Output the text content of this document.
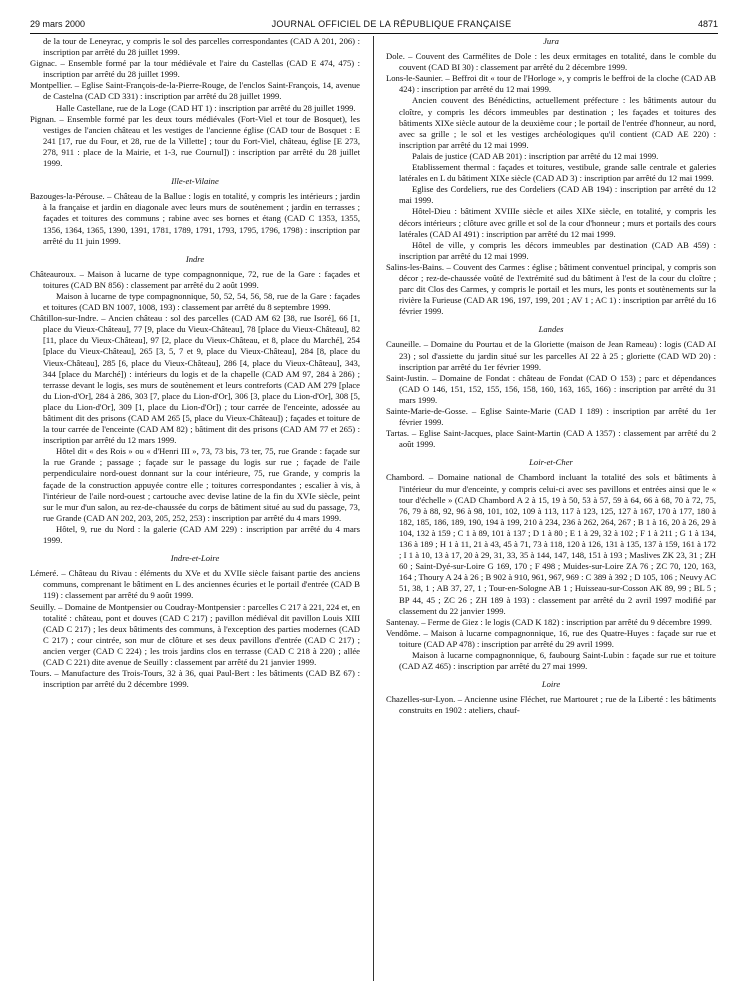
29 mars 2000	JOURNAL OFFICIEL DE LA RÉPUBLIQUE FRANÇAISE	4871

de la tour de Leneyrac, y compris le sol des parcelles correspondantes (CAD A 201, 206) : inscription par arrêté du 28 juillet 1999.

Gignac. – Ensemble formé par la tour médiévale et l'aire du Castellas (CAD E 474, 475) : inscription par arrêté du 28 juillet 1999.

Montpellier. – Eglise Saint-François-de-la-Pierre-Rouge, de l'enclos Saint-François, 14, avenue de Castelna (CAD CD 331) : inscription par arrêté du 28 juillet 1999.

Halle Castellane, rue de la Loge (CAD HT 1) : inscription par arrêté du 28 juillet 1999.

Pignan. – Ensemble formé par les deux tours médiévales (Fort-Viel et tour de Bosquet), les vestiges de l'ancien château et les vestiges de l'ancienne église (CAD tour de Bosquet : E 241 [17, rue du Four, et 28, rue de la Villette] ; tour du Fort-Viel, château, église [E 273, 278, 911 : place de la Mairie, et 1-3, rue Cournul]) : inscription par arrêté du 28 juillet 1999.

Ille-et-Vilaine

Bazouges-la-Pérouse. – Château de la Ballue : logis en totalité, y compris les intérieurs ; jardin à la française et jardin en diagonale avec leurs murs de soutènement ; jardin en terrasses ; façades et toitures des communs ; rabine avec ses bornes et étang (CAD C 1353, 1355, 1356, 1364, 1365, 1390, 1391, 1781, 1789, 1791, 1793, 1795, 1796, 1798) : inscription par arrêté du 11 juin 1999.

Indre

Châteauroux. – Maison à lucarne de type compagnonnique, 72, rue de la Gare : façades et toitures (CAD BN 856) : classement par arrêté du 2 août 1999.

Maison à lucarne de type compagnonnique, 50, 52, 54, 56, 58, rue de la Gare : façades et toitures (CAD BN 1007, 1008, 193) : classement par arrêté du 8 septembre 1999.

Châtillon-sur-Indre. – Ancien château : sol des parcelles (CAD AM 62 [38, rue Isoré], 66 [1, place du Vieux-Château], 77 [9, place du Vieux-Château], 78 [place du Vieux-Château], 82 [11, place du Vieux-Château], 97 [2, place du Vieux-Château, et 8, place du Marché], 254 [place du Vieux-Château], 265 [3, 5, 7 et 9, place du Vieux-Château], 284 [8, place du Vieux-Château], 285 [6, place du Vieux-Château], 286 [4, place du Vieux-Château], 343, 344 [place du Marché]) : intérieurs du logis et de la chapelle (CAD AM 97, 284 à 286) ; terrasse devant le logis, ses murs de soutènement et leurs contreforts (CAD AM 279 [place du Lion-d'Or], 284 à 286, 303 [7, place du Lion-d'Or], 306 [3, place du Lion-d'Or], 308 [5, place du Lion-d'Or], 309 [1, place du Lion-d'Or]) ; tour carrée de l'enceinte, adossée au bâtiment dit des prisons (CAD AM 265 [5, place du Vieux-Château]) ; façades et toiture de la tour carrée de l'enceinte (CAD AM 82) ; bâtiment dit des prisons (CAD AM 77 et 265) : inscription par arrêté du 12 mars 1999.

Hôtel dit « des Rois » ou « d'Henri III », 73, 73 bis, 73 ter, 75, rue Grande : façade sur la rue Grande ; passage ; façade sur le passage du logis sur rue ; façade de l'aile perpendiculaire nord-ouest donnant sur la cour intérieure, 75, rue Grande, y compris la façade de la construction appuyée contre elle ; toitures correspondantes ; escalier à vis, à l'intérieur de l'aile nord-ouest ; cartouche avec devise latine de la fin du XVIe siècle, peint sur le mur d'un salon, au rez-de-chaussée du corps de bâtiment situé au sud du passage, 73, rue Grande (CAD AN 202, 203, 205, 252, 253) : inscription par arrêté du 4 mars 1999.

Hôtel, 9, rue du Nord : la galerie (CAD AM 229) : inscription par arrêté du 4 mars 1999.

Indre-et-Loire

Lémeré. – Château du Rivau : éléments du XVe et du XVIIe siècle faisant partie des anciens communs, comprenant le bâtiment en L des anciennes écuries et le portail d'entrée (CAD B 119) : classement par arrêté du 9 août 1999.

Seuilly. – Domaine de Montpensier ou Coudray-Montpensier : parcelles C 217 à 221, 224 et, en totalité : château, pont et douves (CAD C 217) ; pavillon médiéval dit pavillon Louis XIII (CAD C 217) ; les deux bâtiments des communs, à l'exception des parties modernes (CAD C 217) ; cour cintrée, son mur de clôture et ses deux pavillons d'entrée (CAD C 217) ; ancien verger (CAD C 224) ; les trois jardins clos en terrasse (CAD C 218 à 220) ; allée (CAD C 221) dite avenue de Seuilly : classement par arrêté du 21 janvier 1999.

Tours. – Manufacture des Trois-Tours, 32 à 36, quai Paul-Bert : les bâtiments (CAD BZ 67) : inscription par arrêté du 2 décembre 1999.

Jura

Dole. – Couvent des Carmélites de Dole : les deux ermitages en totalité, dans le comble du couvent (CAD BI 30) : classement par arrêté du 2 décembre 1999.

Lons-le-Saunier. – Beffroi dit « tour de l'Horloge », y compris le beffroi de la cloche (CAD AB 424) : inscription par arrêté du 12 mai 1999.

Ancien couvent des Bénédictins, actuellement préfecture : les bâtiments autour du cloître, y compris les décors immeubles par destination ; les façades et toitures des bâtiments XIXe siècle autour de la deuxième cour ; le portail de l'entrée d'honneur, au nord, avec sa grille ; le sol et les vestiges archéologiques qu'il contient (CAD AE 220) : inscription par arrêté du 12 mai 1999.

Palais de justice (CAD AB 201) : inscription par arrêté du 12 mai 1999.

Etablissement thermal : façades et toitures, vestibule, grande salle centrale et galeries latérales en L du bâtiment XIXe siècle (CAD AD 3) : inscription par arrêté du 12 mai 1999.

Eglise des Cordeliers, rue des Cordeliers (CAD AB 194) : inscription par arrêté du 12 mai 1999.

Hôtel-Dieu : bâtiment XVIIIe siècle et ailes XIXe siècle, en totalité, y compris les décors intérieurs ; clôture avec grille et sol de la cour d'honneur ; murs et portails des cours latérales (CAD AI 491) : inscription par arrêté du 12 mai 1999.

Hôtel de ville, y compris les décors immeubles par destination (CAD AB 459) : inscription par arrêté du 12 mai 1999.

Salins-les-Bains. – Couvent des Carmes : église ; bâtiment conventuel principal, y compris son décor ; rez-de-chaussée voûté de l'extrémité sud du bâtiment à l'est de la cour du cloître ; parc dit Clos des Carmes, y compris le portail et les murs, les ponts et soutènements sur la rivière la Furieuse (CAD AR 196, 197, 199, 201 ; AV 1 ; AC 1) : inscription par arrêté du 16 février 1999.

Landes

Cauneille. – Domaine du Pourtau et de la Gloriette (maison de Jean Rameau) : logis (CAD AI 23) ; sol d'assiette du jardin situé sur les parcelles AI 22 à 25 ; gloriette (CAD WD 20) : inscription par arrêté du 1er février 1999.

Saint-Justin. – Domaine de Fondat : château de Fondat (CAD O 153) ; parc et dépendances (CAD O 146, 151, 152, 155, 156, 158, 160, 163, 165, 166) : inscription par arrêté du 31 mars 1999.

Sainte-Marie-de-Gosse. – Eglise Sainte-Marie (CAD I 189) : inscription par arrêté du 1er février 1999.

Tartas. – Eglise Saint-Jacques, place Saint-Martin (CAD A 1357) : classement par arrêté du 2 août 1999.

Loir-et-Cher

Chambord. – Domaine national de Chambord incluant la totalité des sols et bâtiments à l'intérieur du mur d'enceinte, y compris celui-ci avec ses pavillons et entrées ainsi que le « tour d'échelle » (CAD Chambord A 2 à 15, 19 à 50, 53 à 57, 59 à 64, 66 à 68, 70 à 72, 75, 76, 79 à 88, 92, 96 à 98, 101, 102, 109 à 113, 117 à 123, 125, 127 à 167, 170 à 177, 180 à 182, 185, 186, 189, 190, 194 à 199, 210 à 234, 236 à 262, 264, 267 ; B 1 à 16, 20 à 26, 29 à 104, 132 à 159 ; C 1 à 89, 101 à 137 ; D 1 à 80 ; E 1 à 29, 32 à 102 ; F 1 à 211 ; G 1 à 134, 136 à 189 ; H 1 à 11, 21 à 43, 45 à 71, 73 à 118, 120 à 126, 131 à 135, 137 à 159, 161 à 172 ; I 1 à 10, 13 à 17, 20 à 29, 31, 33, 35 à 144, 147, 148, 151 à 193 ; Maslives ZK 23, 31 ; ZH 60 ; Saint-Dyé-sur-Loire G 169, 170 ; F 498 ; Muides-sur-Loire ZA 76 ; ZC 70, 120, 163, 164 ; Thoury A 24 à 26 ; B 902 à 910, 961, 967, 969 : C 389 à 392 ; D 105, 106 ; Neuvy AC 51, 38, 1 ; AB 37, 27, 1 ; Tour-en-Sologne AB 1 ; Huisseau-sur-Cosson AK 89, 99 ; BL 5 ; BP 44, 45 ; ZC 26 ; ZH 189 à 193) : classement par arrêté du 2 avril 1997 modifié par classement du 22 janvier 1999.

Santenay. – Ferme de Giez : le logis (CAD K 182) : inscription par arrêté du 9 décembre 1999.

Vendôme. – Maison à lucarne compagnonnique, 16, rue des Quatre-Huyes : façade sur rue et toiture (CAD AP 478) : inscription par arrêté du 29 avril 1999.

Maison à lucarne compagnonnique, 6, faubourg Saint-Lubin : façade sur rue et toiture (CAD AZ 465) : inscription par arrêté du 27 mai 1999.

Loire

Chazelles-sur-Lyon. – Ancienne usine Fléchet, rue Martouret ; rue de la Liberté : les bâtiments construits en 1902 : ateliers, chauf-
